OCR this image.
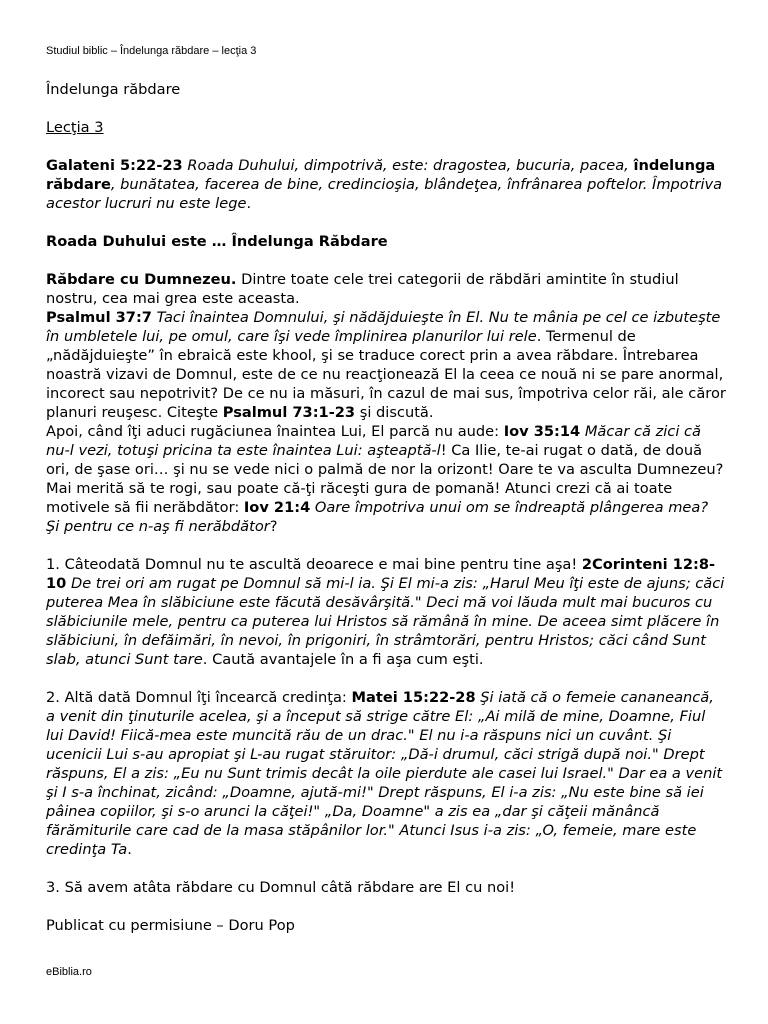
Studiul biblic – Îndelunga răbdare – lecţia 3

Îndelunga răbdare

Lecţia 3

Galateni 5:22-23 Roada Duhului, dimpotrivă, este: dragostea, bucuria, pacea, îndelunga răbdare, bunătatea, facerea de bine, credincioşia, blândeţea, înfrânarea poftelor. Împotriva acestor lucruri nu este lege.

Roada Duhului este … Îndelunga Răbdare

Răbdare cu Dumnezeu. Dintre toate cele trei categorii de răbdări amintite în studiul nostru, cea mai grea este aceasta.
Psalmul 37:7 Taci înaintea Domnului, şi nădăjduieşte în El. Nu te mânia pe cel ce izbuteşte în umbletele lui, pe omul, care îşi vede împlinirea planurilor lui rele. Termenul de „nădăjduieşte” în ebraică este khool, şi se traduce corect prin a avea răbdare. Întrebarea noastră vizavi de Domnul, este de ce nu reacţionează El la ceea ce nouă ni se pare anormal, incorect sau nepotrivit? De ce nu ia măsuri, în cazul de mai sus, împotriva celor răi, ale căror planuri reuşesc. Citeşte Psalmul 73:1-23 şi discută.

Apoi, când îţi aduci rugăciunea înaintea Lui, El parcă nu aude: Iov 35:14 Măcar că zici că nu-l vezi, totuşi pricina ta este înaintea Lui: aşteaptă-l! Ca Ilie, te-ai rugat o dată, de două ori, de şase ori… şi nu se vede nici o palmă de nor la orizont! Oare te va asculta Dumnezeu? Mai merită să te rogi, sau poate că-ţi răceşti gura de pomană! Atunci crezi că ai toate motivele să fii nerăbdător: Iov 21:4 Oare împotriva unui om se îndreaptă plângerea mea? Şi pentru ce n-aş fi nerăbdător?

1. Câteodată Domnul nu te ascultă deoarece e mai bine pentru tine aşa! 2Corinteni 12:8-10 De trei ori am rugat pe Domnul să mi-l ia. Şi El mi-a zis: „Harul Meu îţi este de ajuns; căci puterea Mea în slăbiciune este făcută desăvârşită." Deci mă voi lăuda mult mai bucuros cu slăbiciunile mele, pentru ca puterea lui Hristos să rămână în mine. De aceea simt plăcere în slăbiciuni, în defăimări, în nevoi, în prigoniri, în strâmtorări, pentru Hristos; căci când Sunt slab, atunci Sunt tare. Caută avantajele în a fi aşa cum eşti.

2. Altă dată Domnul îţi încearcă credinţa: Matei 15:22-28 Şi iată că o femeie cananeancă, a venit din ţinuturile acelea, şi a început să strige către El: „Ai milă de mine, Doamne, Fiul lui David! Fiică-mea este muncită rău de un drac." El nu i-a răspuns nici un cuvânt. Şi ucenicii Lui s-au apropiat şi L-au rugat stăruitor: „Dă-i drumul, căci strigă după noi." Drept răspuns, El a zis: „Eu nu Sunt trimis decât la oile pierdute ale casei lui Israel." Dar ea a venit şi I s-a închinat, zicând: „Doamne, ajută-mi!" Drept răspuns, El i-a zis: „Nu este bine să iei pâinea copiilor, şi s-o arunci la căţei!" „Da, Doamne" a zis ea „dar şi căţeii mănâncă fărămiturile care cad de la masa stăpânilor lor." Atunci Isus i-a zis: „O, femeie, mare este credinţa Ta.

3. Să avem atâta răbdare cu Domnul câtă răbdare are El cu noi!

Publicat cu permisiune – Doru Pop

eBiblia.ro
